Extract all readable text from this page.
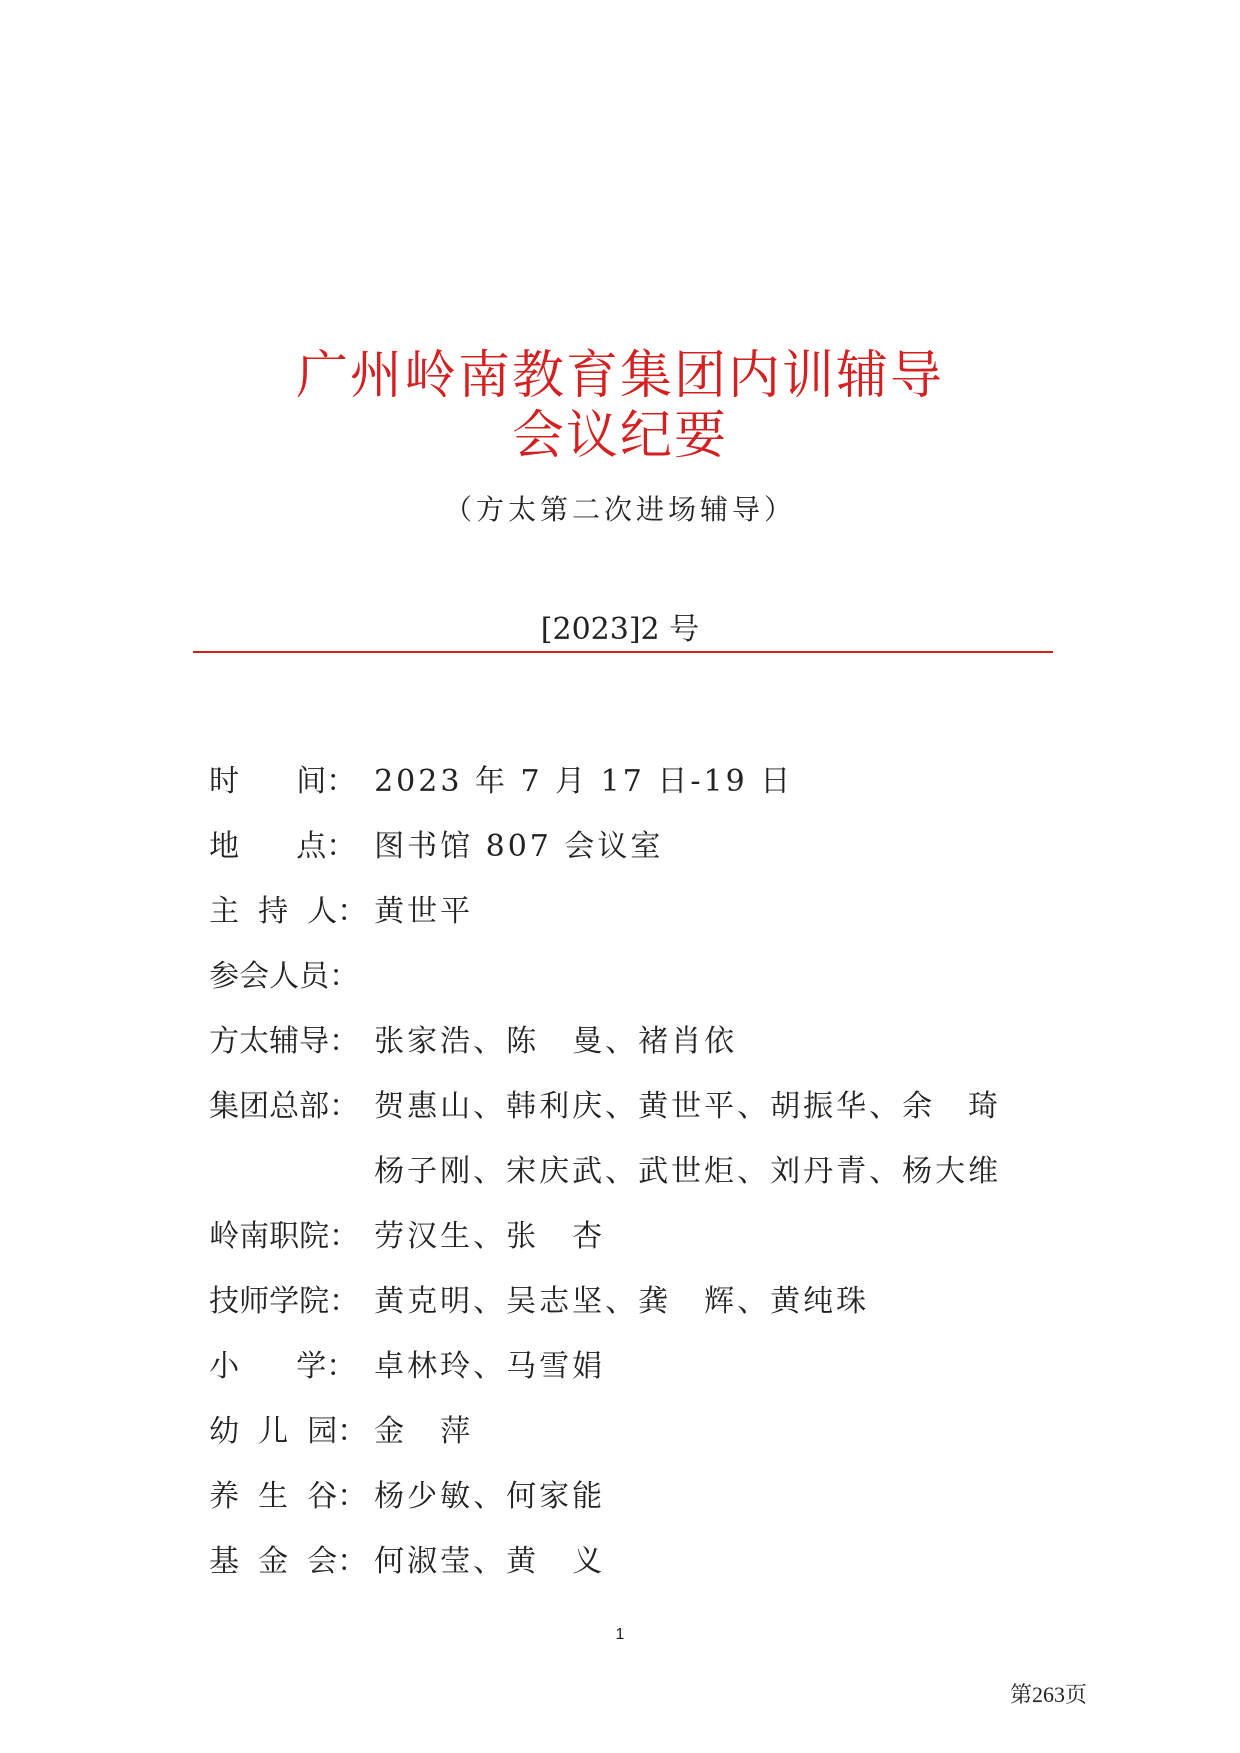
广州岭南教育集团内训辅导
会议纪要
（方太第二次进场辅导）
[2023]2 号

时      间： 2023 年 7 月 17 日-19 日

地      点： 图书馆 807 会议室

主  持  人： 黄世平

参会人员：

方太辅导： 张家浩、陈　曼、褚肖依

集团总部： 贺惠山、韩利庆、黄世平、胡振华、余　琦

杨子刚、宋庆武、武世炬、刘丹青、杨大维

岭南职院： 劳汉生、张　杏

技师学院： 黄克明、吴志坚、龚　辉、黄纯珠

小      学： 卓林玲、马雪娟

幼  儿  园： 金　萍

养  生  谷： 杨少敏、何家能

基  金  会： 何淑莹、黄　义

1
第263页
